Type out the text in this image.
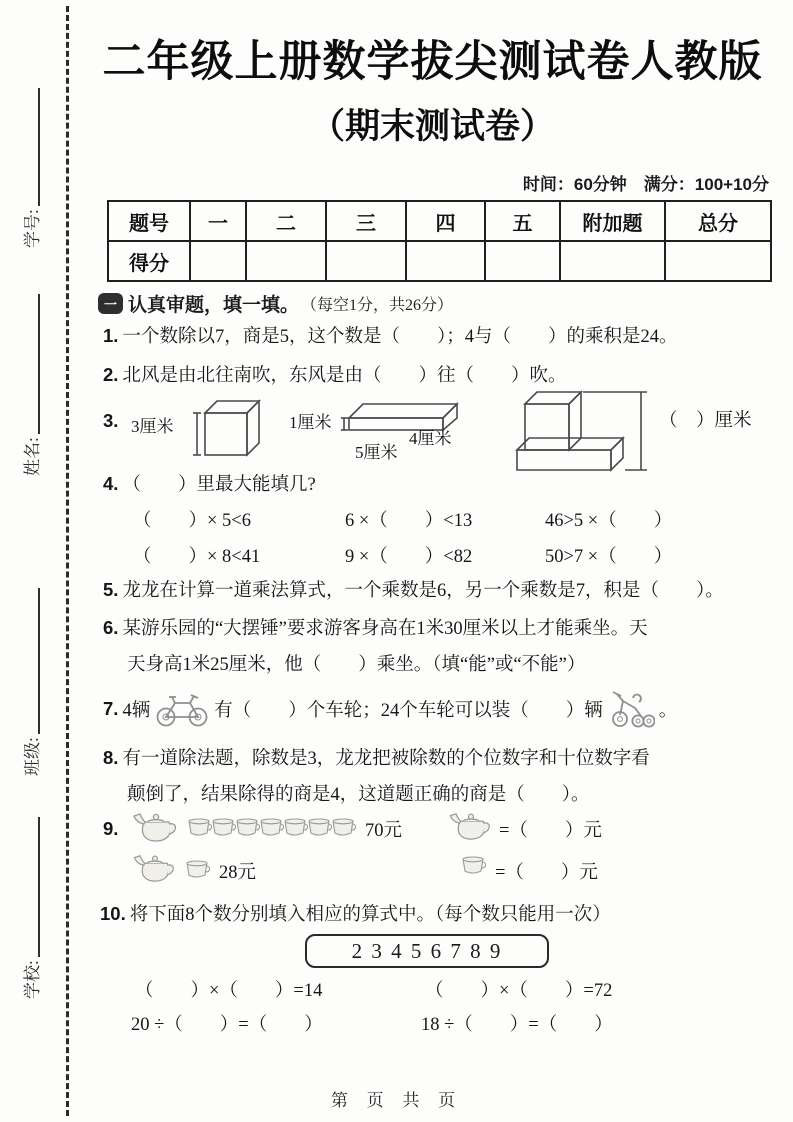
学号:
姓名:
班级:
学校:
二年级上册数学拔尖测试卷人教版
（期末测试卷）
时间：60分钟　满分：100+10分
题号	一	二	三	四	五	附加题	总分
得分							
一 认真审题，填一填。 （每空1分，共26分）
1. 一个数除以7，商是5，这个数是（　　）；4与（　　）的乘积是24。
2. 北风是由北往南吹，东风是由（　　）往（　　）吹。
3. 3厘米	1厘米
5厘米
4厘米
（　）厘米
4. （　　）里最大能填几?
（　　）× 5<6	6 ×（　　）<13	46>5 ×（　　）
（　　）× 8<41	9 ×（　　）<82	50>7 ×（　　）
5. 龙龙在计算一道乘法算式，一个乘数是6，另一个乘数是7，积是（　　）。
6. 某游乐园的“大摆锤”要求游客身高在1米30厘米以上才能乘坐。天
天身高1米25厘米，他（　　）乘坐。（填“能”或“不能”）
7. 4辆	有（　　）个车轮；24个车轮可以装（　　）辆	。
8. 有一道除法题，除数是3，龙龙把被除数的个位数字和十位数字看
颠倒了，结果除得的商是4，这道题正确的商是（　　）。
9.	70元	=（　　）元
28元	=（　　）元
10. 将下面8个数分别填入相应的算式中。（每个数只能用一次）
2 3 4 5 6 7 8 9
（　　）×（　　）=14	（　　）×（　　）=72
20 ÷（　　）=（　　）	18 ÷（　　）=（　　）
第 页 共 页
